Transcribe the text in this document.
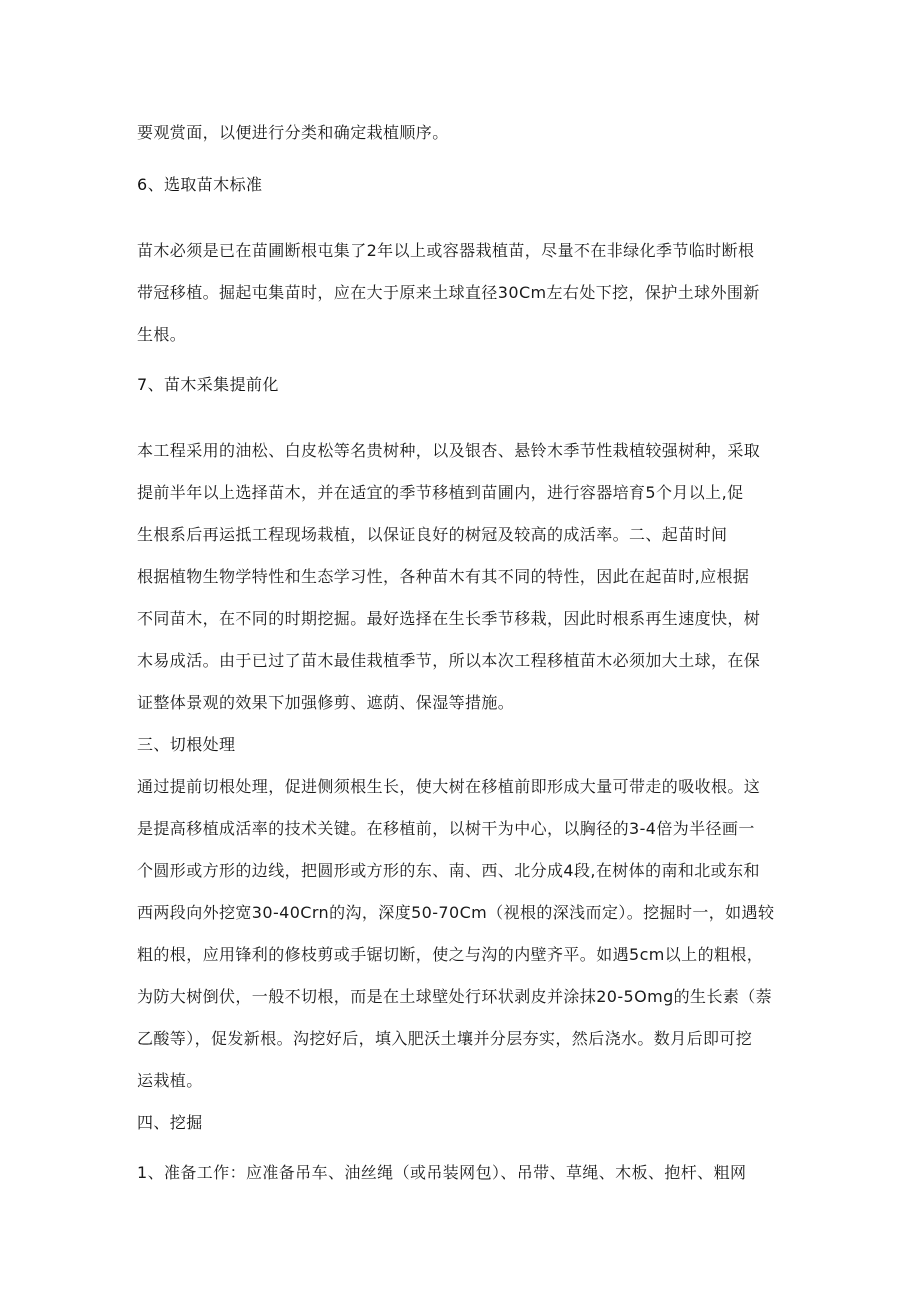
要观赏面，以便进行分类和确定栽植顺序。
6、选取苗木标准
苗木必须是已在苗圃断根屯集了2年以上或容器栽植苗，尽量不在非绿化季节临时断根
带冠移植。掘起屯集苗时，应在大于原来土球直径30Cm左右处下挖，保护土球外围新
生根。
7、苗木采集提前化
本工程采用的油松、白皮松等名贵树种，以及银杏、悬铃木季节性栽植较强树种，采取
提前半年以上选择苗木，并在适宜的季节移植到苗圃内，进行容器培育5个月以上,促
生根系后再运抵工程现场栽植，以保证良好的树冠及较高的成活率。二、起苗时间
根据植物生物学特性和生态学习性，各种苗木有其不同的特性，因此在起苗时,应根据
不同苗木，在不同的时期挖掘。最好选择在生长季节移栽，因此时根系再生速度快，树
木易成活。由于已过了苗木最佳栽植季节，所以本次工程移植苗木必须加大土球，在保
证整体景观的效果下加强修剪、遮荫、保湿等措施。
三、切根处理
通过提前切根处理，促进侧须根生长，使大树在移植前即形成大量可带走的吸收根。这
是提高移植成活率的技术关键。在移植前，以树干为中心，以胸径的3-4倍为半径画一
个圆形或方形的边线，把圆形或方形的东、南、西、北分成4段,在树体的南和北或东和
西两段向外挖宽30-40Crn的沟，深度50-70Cm（视根的深浅而定）。挖掘时一，如遇较
粗的根，应用锋利的修枝剪或手锯切断，使之与沟的内壁齐平。如遇5cm以上的粗根，
为防大树倒伏，一般不切根，而是在土球壁处行环状剥皮并涂抹20-5Omg的生长素（萘
乙酸等），促发新根。沟挖好后，填入肥沃土壤并分层夯实，然后浇水。数月后即可挖
运栽植。
四、挖掘
1、准备工作：应准备吊车、油丝绳（或吊装网包）、吊带、草绳、木板、抱杆、粗网
